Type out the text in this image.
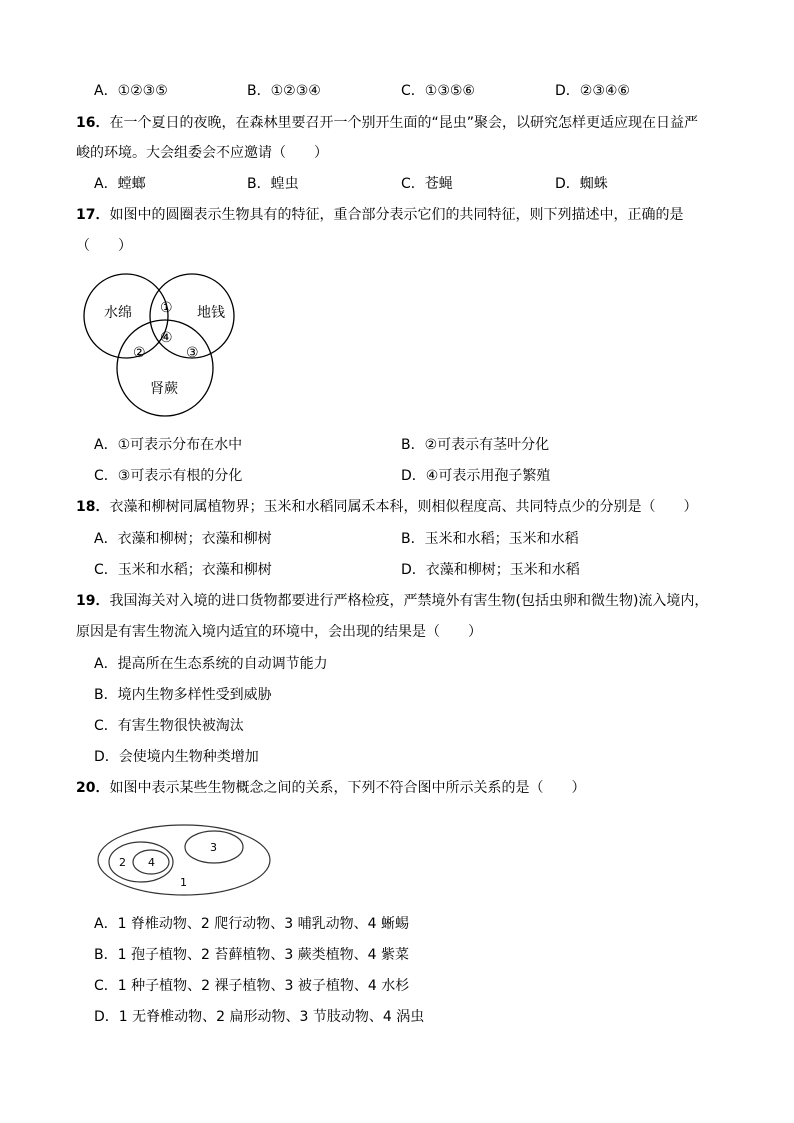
A．①②③⑤	B．①②③④	C．①③⑤⑥	D．②③④⑥
16．在一个夏日的夜晚，在森林里要召开一个别开生面的“昆虫”聚会，以研究怎样更适应现在日益严
峻的环境。大会组委会不应邀请（　　）
A．螳螂	B．蝗虫	C．苍蝇	D．蜘蛛
17．如图中的圆圈表示生物具有的特征，重合部分表示它们的共同特征，则下列描述中，正确的是
（　　）
水绵	地钱
肾蕨
①
②	③
④
A．①可表示分布在水中	B．②可表示有茎叶分化
C．③可表示有根的分化	D．④可表示用孢子繁殖
18．衣藻和柳树同属植物界；玉米和水稻同属禾本科，则相似程度高、共同特点少的分别是（　　）
A．衣藻和柳树；衣藻和柳树	B．玉米和水稻；玉米和水稻
C．玉米和水稻；衣藻和柳树	D．衣藻和柳树；玉米和水稻
19．我国海关对入境的进口货物都要进行严格检疫，严禁境外有害生物(包括虫卵和微生物)流入境内，
原因是有害生物流入境内适宜的环境中，会出现的结果是（　　）
A．提高所在生态系统的自动调节能力
B．境内生物多样性受到威胁
C．有害生物很快被淘汰
D．会使境内生物种类增加
20．如图中表示某些生物概念之间的关系，下列不符合图中所示关系的是（　　）
1
2
3
4
A．1 脊椎动物、2 爬行动物、3 哺乳动物、4 蜥蜴
B．1 孢子植物、2 苔藓植物、3 蕨类植物、4 紫菜
C．1 种子植物、2 裸子植物、3 被子植物、4 水杉
D．1 无脊椎动物、2 扁形动物、3 节肢动物、4 涡虫
